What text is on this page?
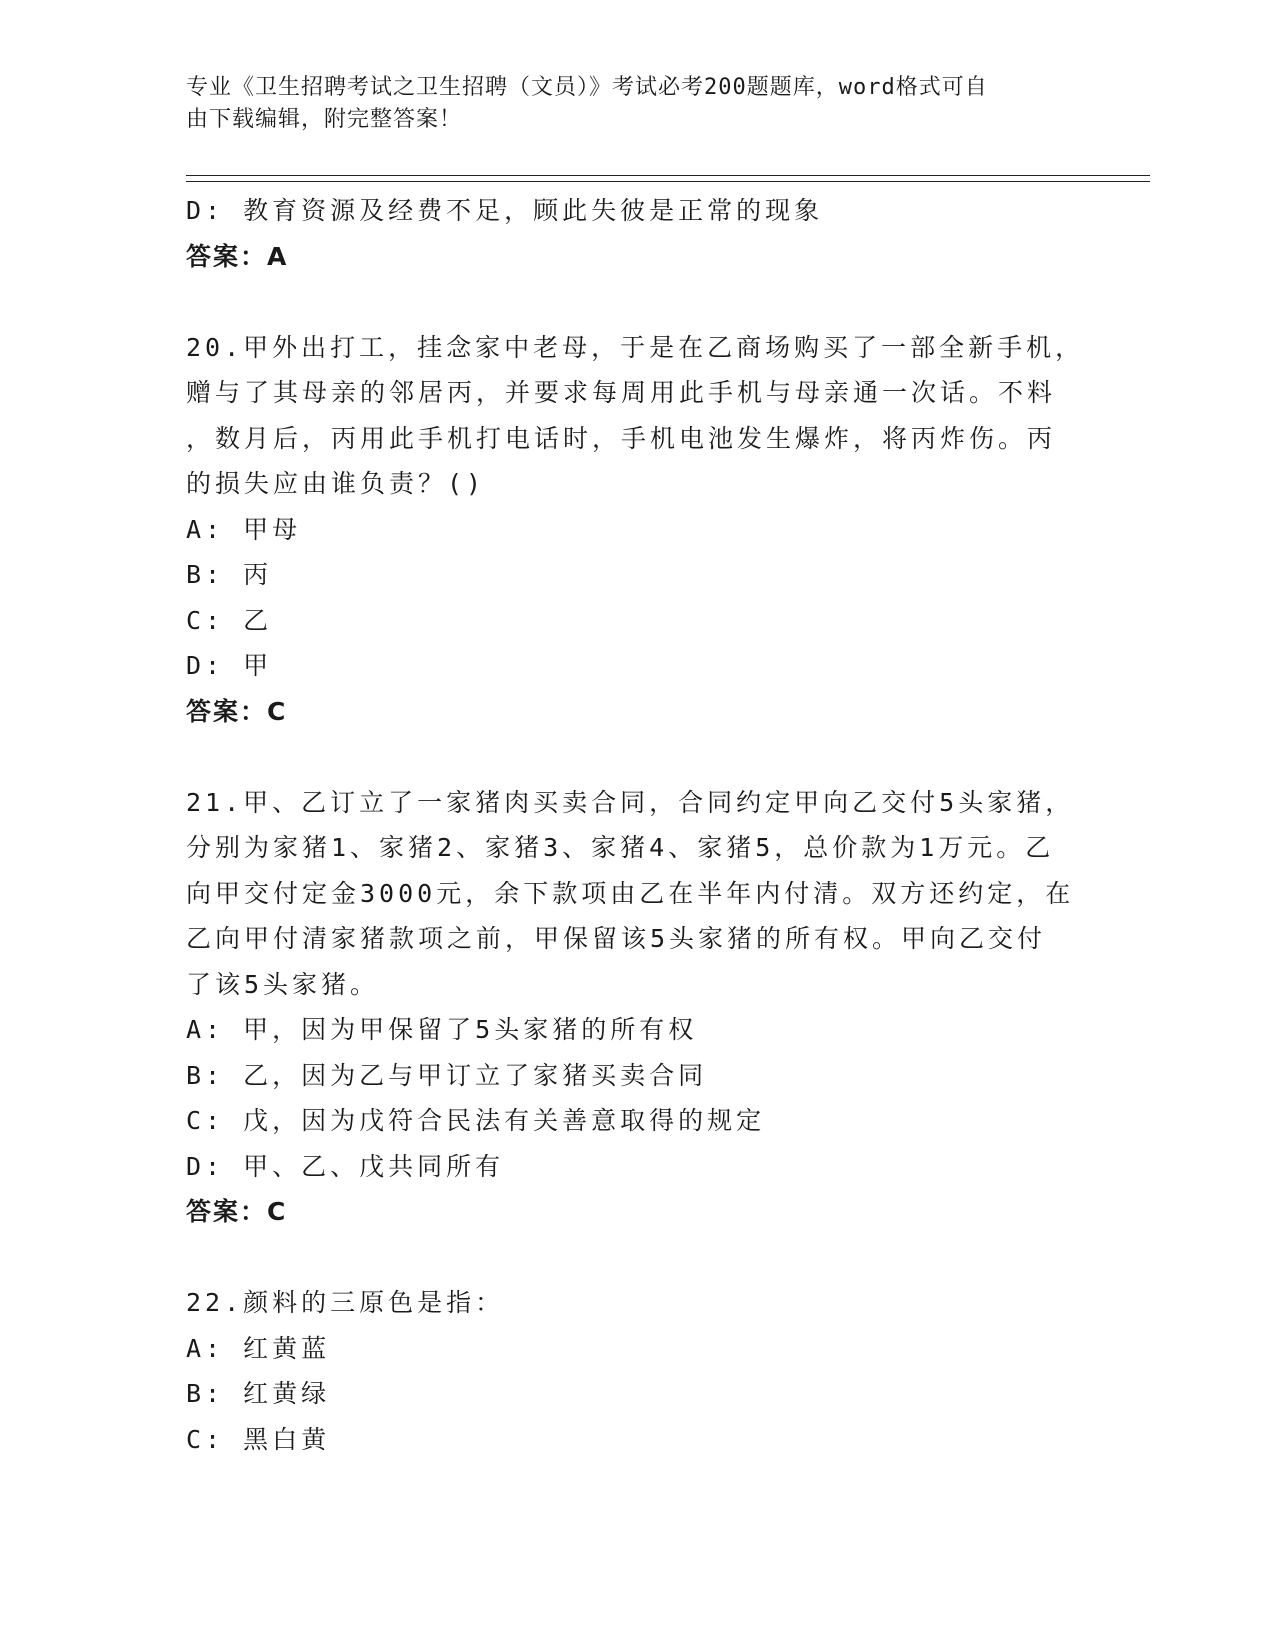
专业《卫生招聘考试之卫生招聘（文员）》考试必考200题题库，word格式可自
由下载编辑，附完整答案！
D: 教育资源及经费不足，顾此失彼是正常的现象
答案：A
20.甲外出打工，挂念家中老母，于是在乙商场购买了一部全新手机，
赠与了其母亲的邻居丙，并要求每周用此手机与母亲通一次话。不料
，数月后，丙用此手机打电话时，手机电池发生爆炸，将丙炸伤。丙
的损失应由谁负责？()
A: 甲母
B: 丙
C: 乙
D: 甲
答案：C
21.甲、乙订立了一家猪肉买卖合同，合同约定甲向乙交付5头家猪，
分别为家猪1、家猪2、家猪3、家猪4、家猪5，总价款为1万元。乙
向甲交付定金3000元，余下款项由乙在半年内付清。双方还约定，在
乙向甲付清家猪款项之前，甲保留该5头家猪的所有权。甲向乙交付
了该5头家猪。
A: 甲，因为甲保留了5头家猪的所有权
B: 乙，因为乙与甲订立了家猪买卖合同
C: 戊，因为戊符合民法有关善意取得的规定
D: 甲、乙、戊共同所有
答案：C
22.颜料的三原色是指：
A: 红黄蓝
B: 红黄绿
C: 黑白黄
